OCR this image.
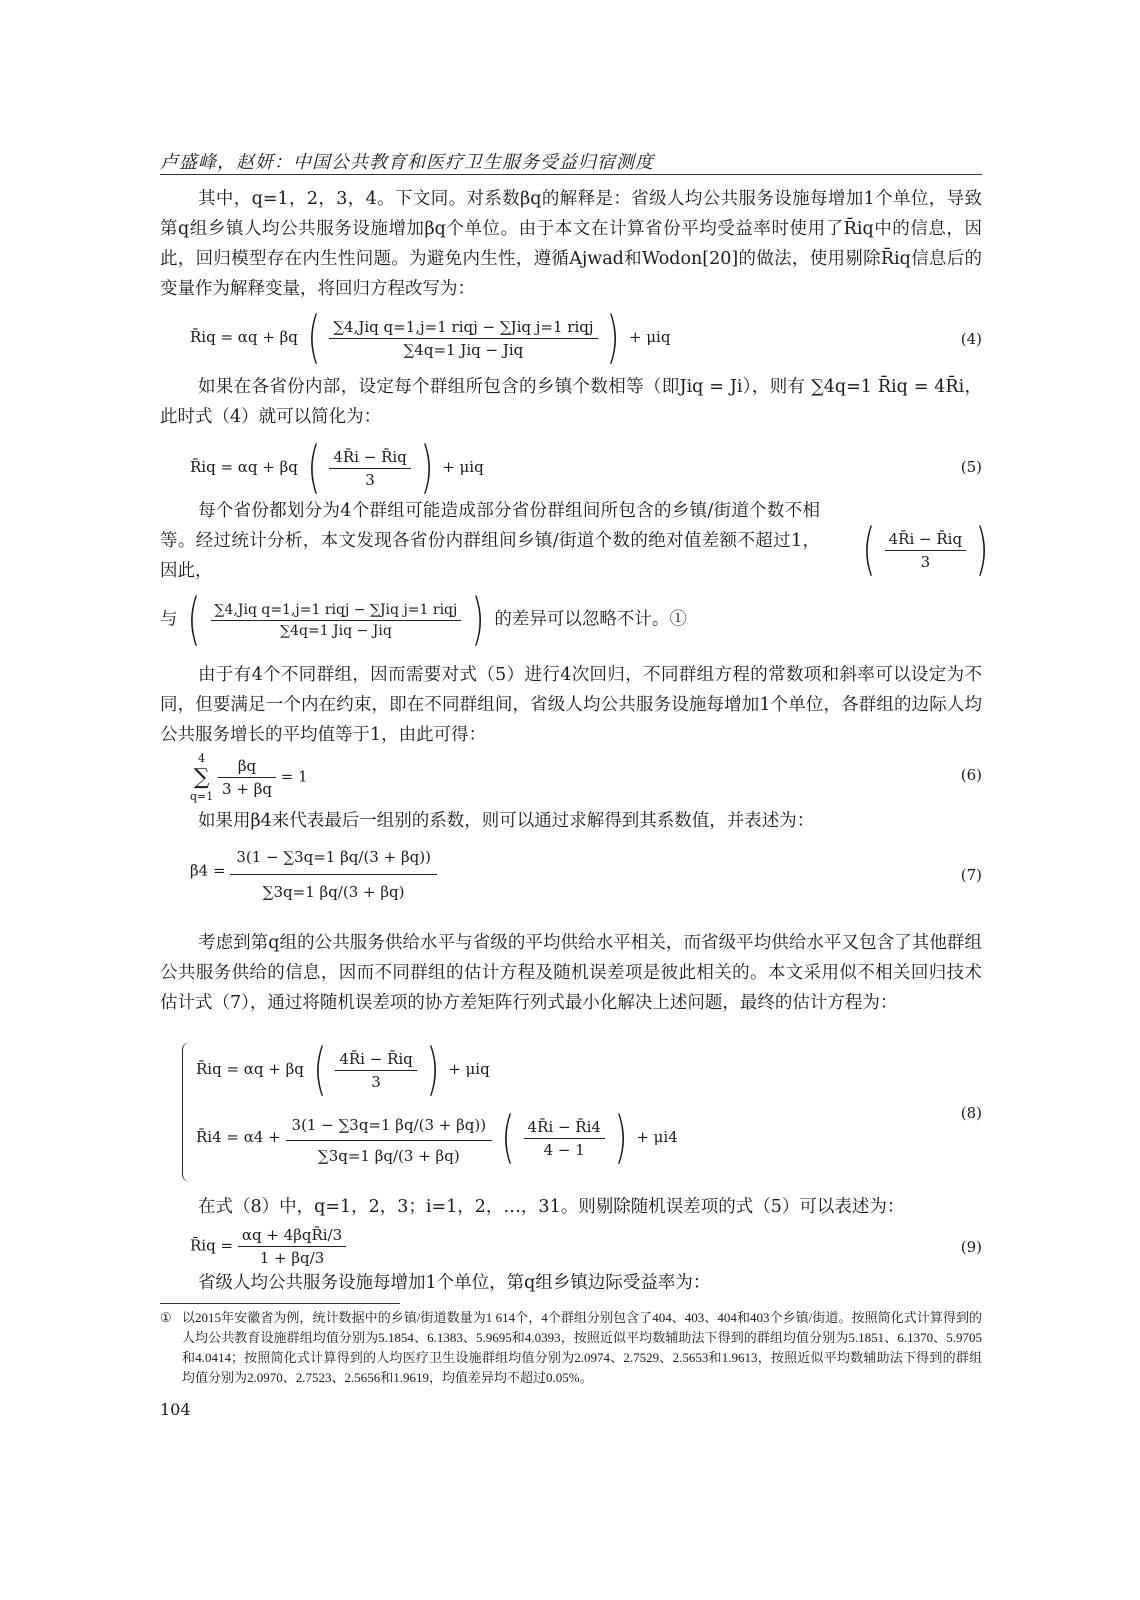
卢盛峰，赵妍：中国公共教育和医疗卫生服务受益归宿测度
其中，q=1，2，3，4。下文同。对系数βq的解释是：省级人均公共服务设施每增加1个单位，导致第q组乡镇人均公共服务设施增加βq个单位。由于本文在计算省份平均受益率时使用了R̄iq中的信息，因此，回归模型存在内生性问题。为避免内生性，遵循Ajwad和Wodon[20]的做法，使用剔除R̄iq信息后的变量作为解释变量，将回归方程改写为：
R̄iq = αq + βq ( $\frac{\text{∑4,Jiq q=1,j=1 riqj − ∑Jiq j=1 riqj}}{\text{∑4q=1 Jiq − Jiq}}$ ) + μiq	(4)
如果在各省份内部，设定每个群组所包含的乡镇个数相等（即Jiq = Ji），则有 ∑4q=1 R̄iq = 4R̄i，此时式（4）就可以简化为：
R̄iq = αq + βq ( $\frac{4R̄i - R̄iq}{3}$ ) + μiq	(5)
每个省份都划分为4个群组可能造成部分省份群组间所包含的乡镇/街道个数不相等。经过统计分析，本文发现各省份内群组间乡镇/街道个数的绝对值差额不超过1，因此，	( $\frac{4R̄i - R̄iq}{3}$ )
与 ( $\frac{\text{∑4,Jiq q=1,j=1 riqj − ∑Jiq j=1 riqj}}{\text{∑4q=1 Jiq − Jiq}}$ ) 的差异可以忽略不计。①
由于有4个不同群组，因而需要对式（5）进行4次回归，不同群组方程的常数项和斜率可以设定为不同，但要满足一个内在约束，即在不同群组间，省级人均公共服务设施每增加1个单位，各群组的边际人均公共服务增长的平均值等于1，由此可得：
4
∑
q=1
$\frac{\beta q}{3 + \beta q} = 1$	(6)
如果用β4来代表最后一组别的系数，则可以通过求解得到其系数值，并表述为：
$\beta 4 = \frac{3(1 - \sum 3q=1 \beta q/(3 + \beta q))}{\sum 3q=1 \beta q/(3 + \beta q)}$	(7)
考虑到第q组的公共服务供给水平与省级的平均供给水平相关，而省级平均供给水平又包含了其他群组公共服务供给的信息，因而不同群组的估计方程及随机误差项是彼此相关的。本文采用似不相关回归技术估计式（7），通过将随机误差项的协方差矩阵行列式最小化解决上述问题，最终的估计方程为：
R̄iq = αq + βq ( $\frac{4R̄i - R̄iq}{3}$ ) + μiq
R̄i4 = $\alpha 4 + \frac{3(1 - \sum 3q=1 \beta q/(3 + \beta q))}{\sum 3q=1 \beta q/(3 + \beta q)}$ ( $\frac{4R̄i - R̄i4}{4 - 1}$ ) + μi4
(8)
在式（8）中，q=1，2，3；i=1，2，…，31。则剔除随机误差项的式（5）可以表述为：
R̄iq = $\frac{\text{αq + 4βqR̄i/3}}{1 + \beta q/3}$	(9)
省级人均公共服务设施每增加1个单位，第q组乡镇边际受益率为：
① 以2015年安徽省为例，统计数据中的乡镇/街道数量为1 614个，4个群组分别包含了404、403、404和403个乡镇/街道。按照简化式计算得到的人均公共教育设施群组均值分别为5.1854、6.1383、5.9695和4.0393，按照近似平均数辅助法下得到的群组均值分别为5.1851、6.1370、5.9705和4.0414；按照简化式计算得到的人均医疗卫生设施群组均值分别为2.0974、2.7529、2.5653和1.9613，按照近似平均数辅助法下得到的群组均值分别为2.0970、2.7523、2.5656和1.9619，均值差异均不超过0.05%。
104
